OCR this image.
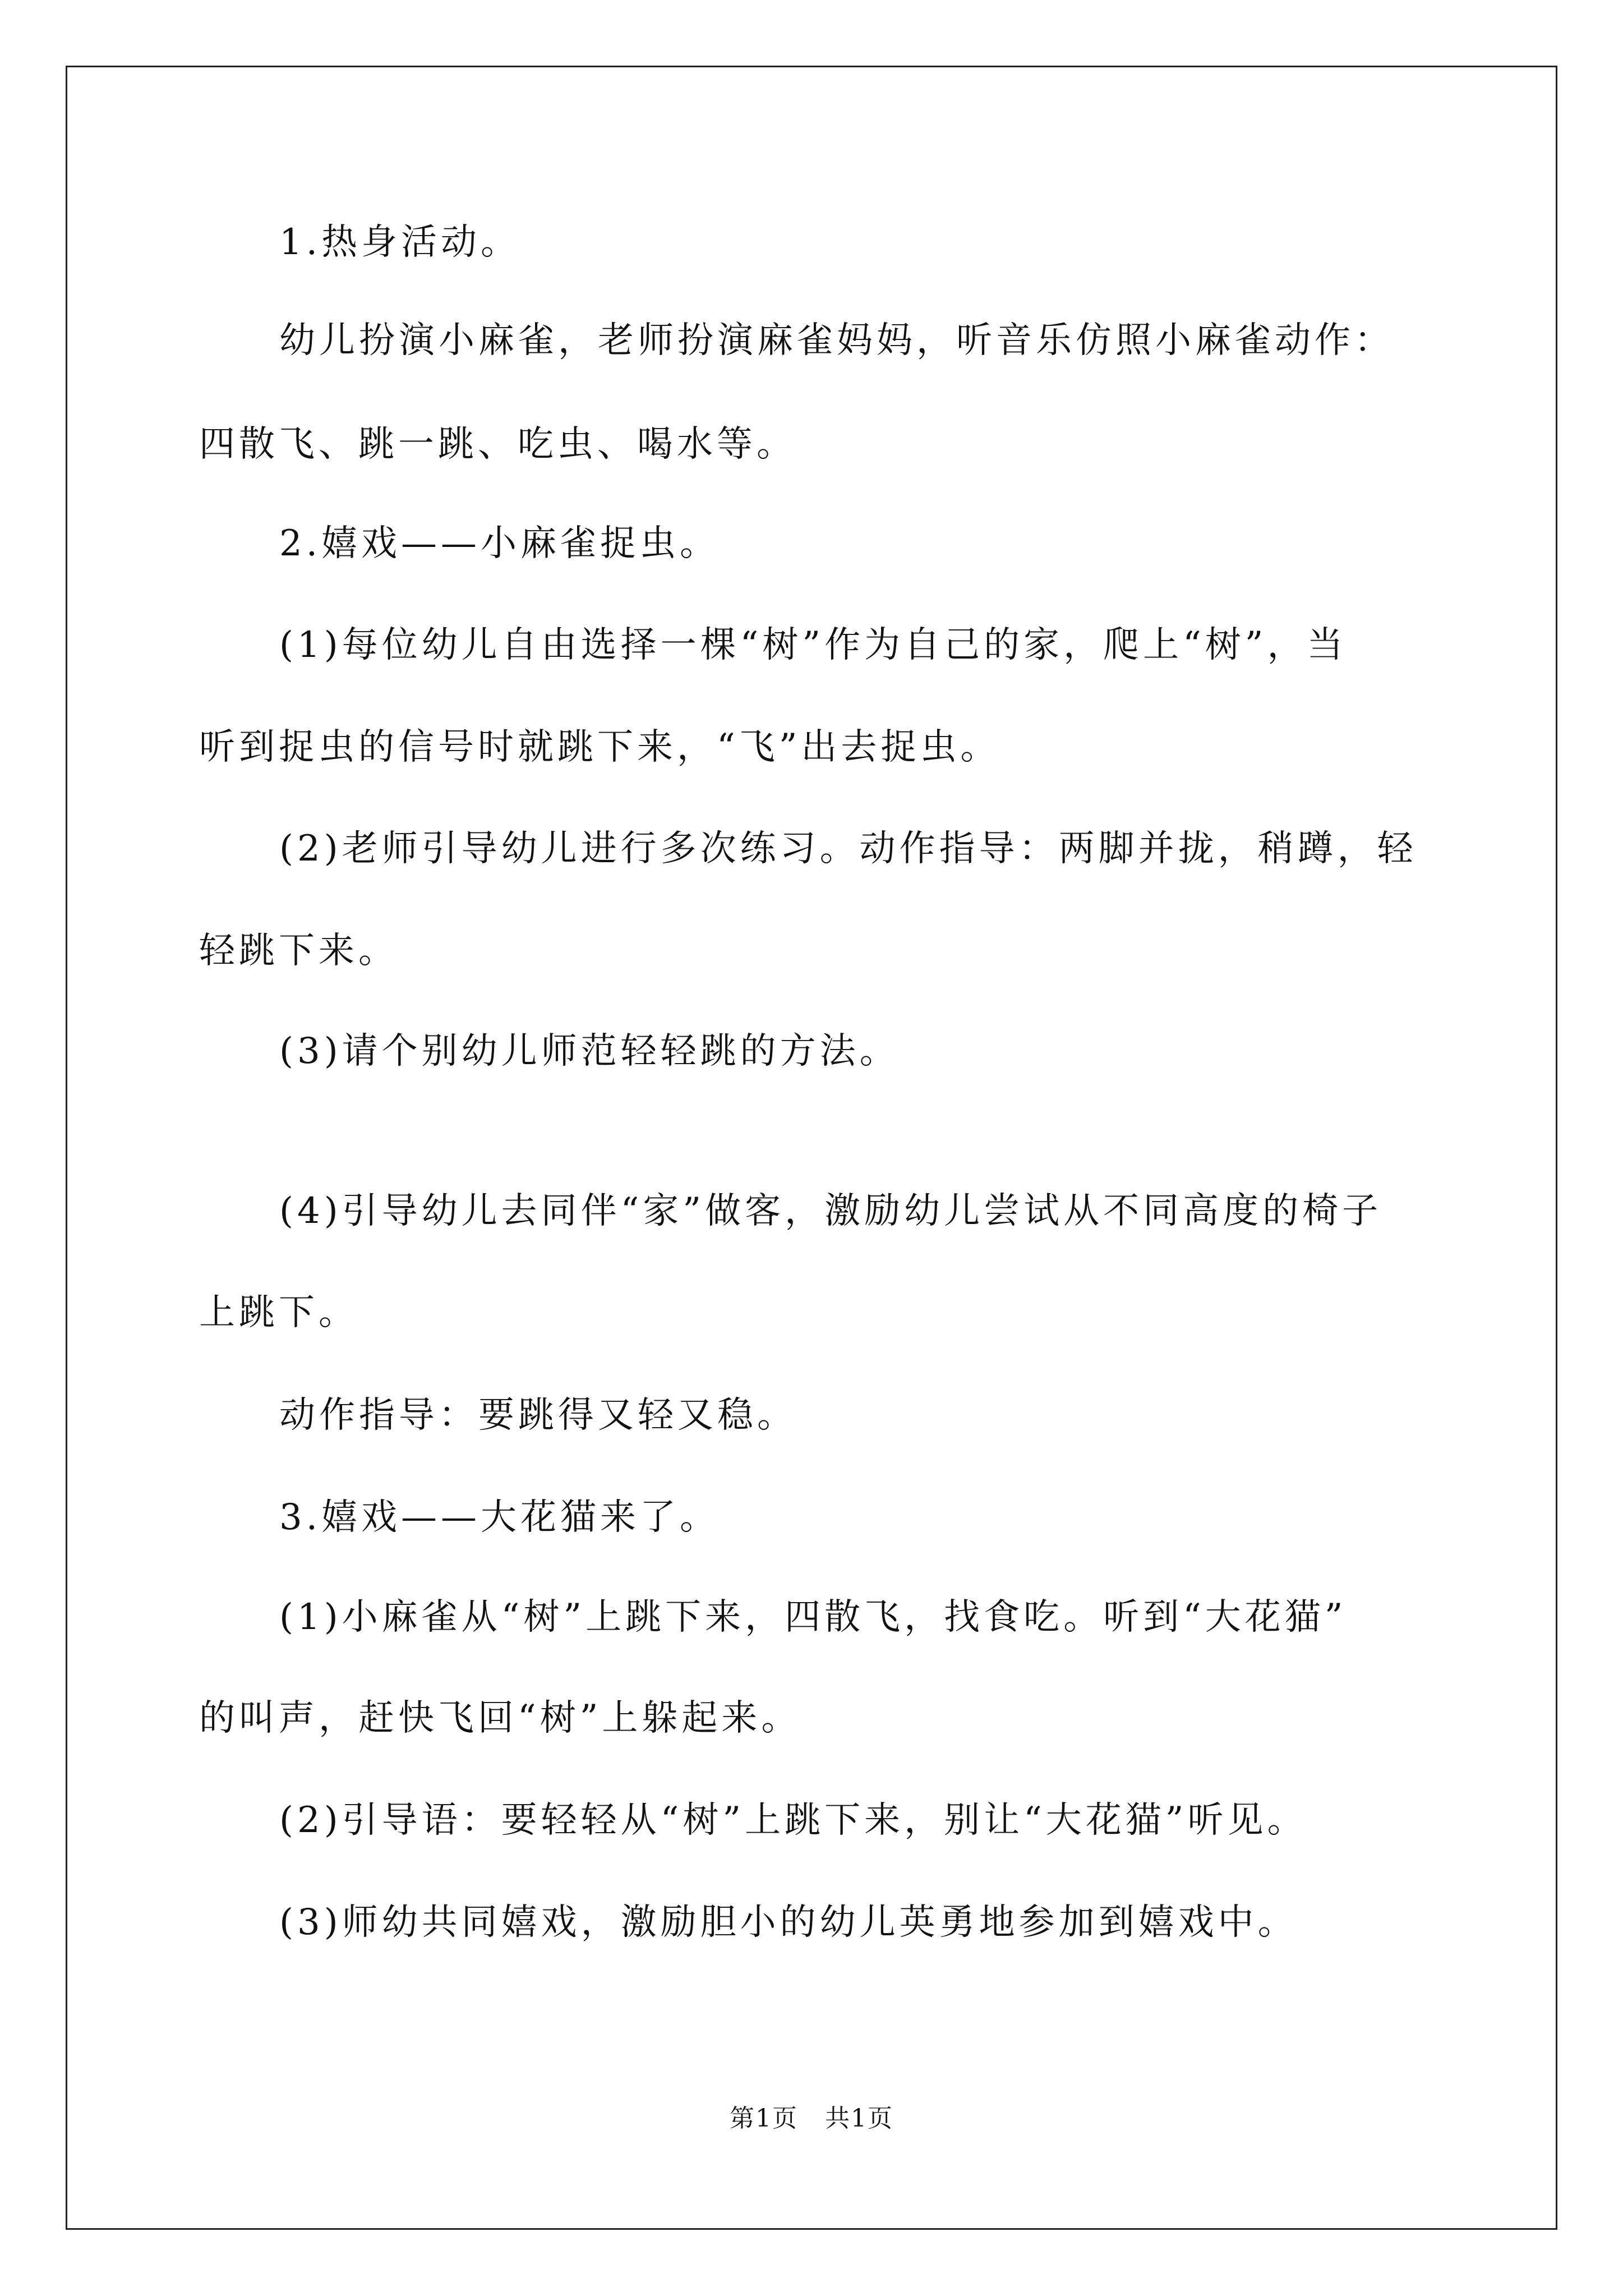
1.热身活动。
幼儿扮演小麻雀，老师扮演麻雀妈妈，听音乐仿照小麻雀动作：
四散飞、跳一跳、吃虫、喝水等。
2.嬉戏——小麻雀捉虫。
(1)每位幼儿自由选择一棵“树”作为自己的家，爬上“树”，当
听到捉虫的信号时就跳下来，“飞”出去捉虫。
(2)老师引导幼儿进行多次练习。动作指导：两脚并拢，稍蹲，轻
轻跳下来。
(3)请个别幼儿师范轻轻跳的方法。
(4)引导幼儿去同伴“家”做客，激励幼儿尝试从不同高度的椅子
上跳下。
动作指导：要跳得又轻又稳。
3.嬉戏——大花猫来了。
(1)小麻雀从“树”上跳下来，四散飞，找食吃。听到“大花猫”
的叫声，赶快飞回“树”上躲起来。
(2)引导语：要轻轻从“树”上跳下来，别让“大花猫”听见。
(3)师幼共同嬉戏，激励胆小的幼儿英勇地参加到嬉戏中。
第1页   共1页
